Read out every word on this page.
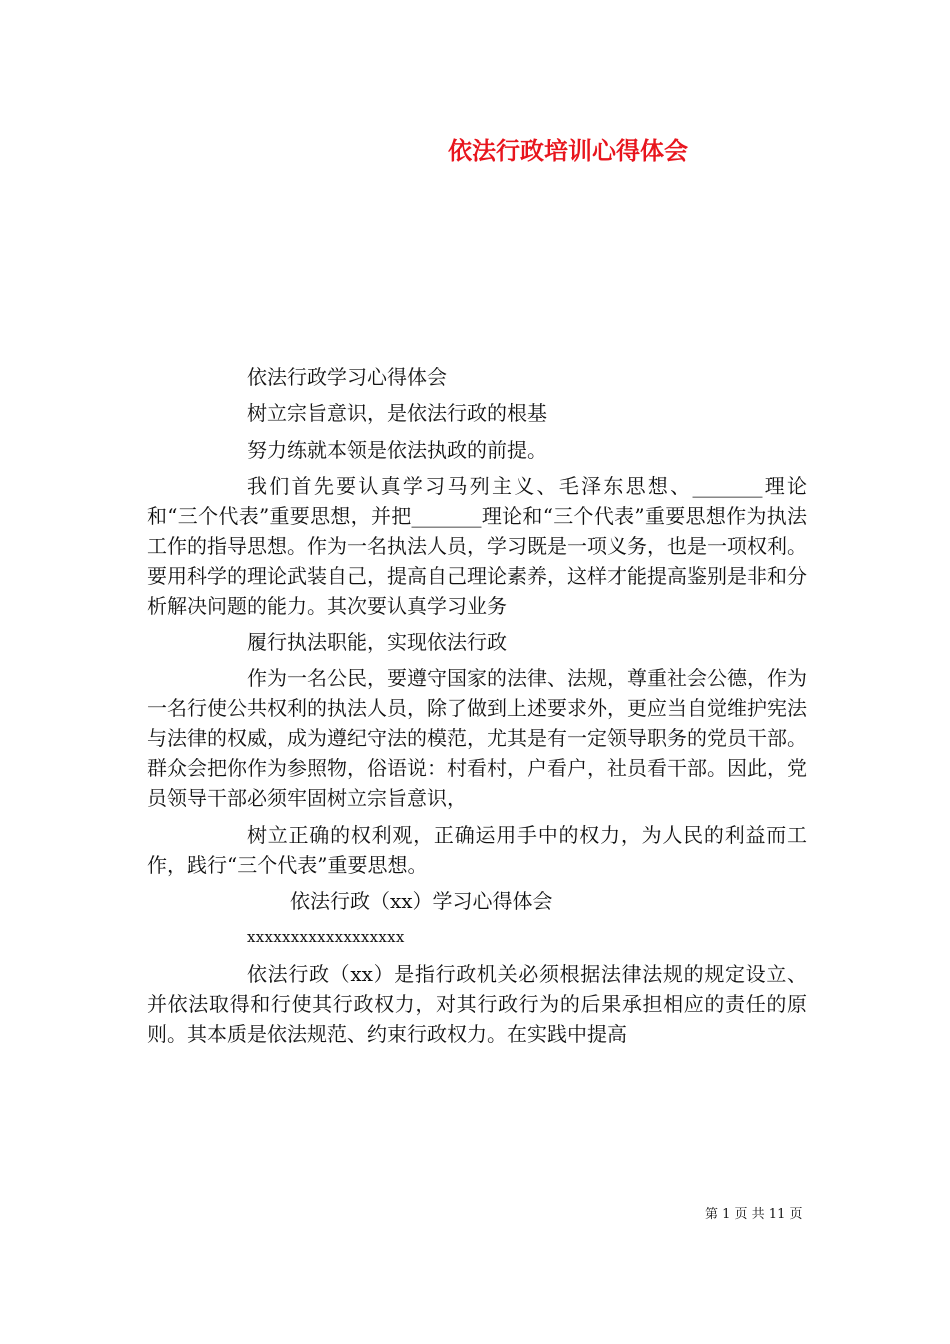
依法行政培训心得体会

依法行政学习心得体会

树立宗旨意识，是依法行政的根基

努力练就本领是依法执政的前提。

我们首先要认真学习马列主义、毛泽东思想、_______理论和“三个代表”重要思想，并把_______理论和“三个代表”重要思想作为执法工作的指导思想。作为一名执法人员，学习既是一项义务，也是一项权利。要用科学的理论武装自己，提高自己理论素养，这样才能提高鉴别是非和分析解决问题的能力。其次要认真学习业务

履行执法职能，实现依法行政

作为一名公民，要遵守国家的法律、法规，尊重社会公德，作为一名行使公共权利的执法人员，除了做到上述要求外，更应当自觉维护宪法与法律的权威，成为遵纪守法的模范，尤其是有一定领导职务的党员干部。群众会把你作为参照物，俗语说：村看村，户看户，社员看干部。因此，党员领导干部必须牢固树立宗旨意识，

树立正确的权利观，正确运用手中的权力，为人民的利益而工作，践行“三个代表”重要思想。

依法行政（xx）学习心得体会

xxxxxxxxxxxxxxxxxx

依法行政（xx）是指行政机关必须根据法律法规的规定设立、并依法取得和行使其行政权力，对其行政行为的后果承担相应的责任的原则。其本质是依法规范、约束行政权力。在实践中提高

第 1 页 共 11 页
